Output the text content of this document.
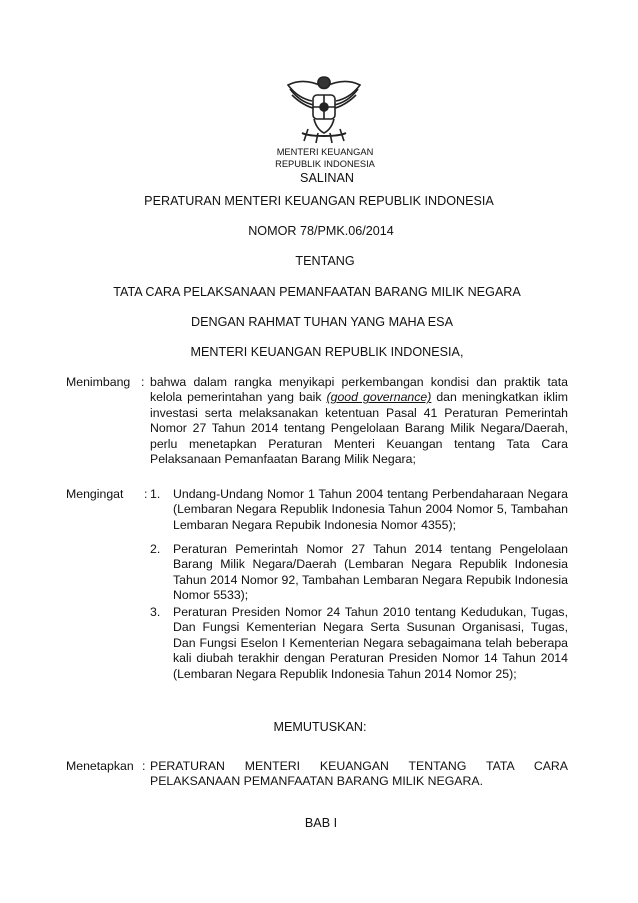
MENTERI KEUANGAN
REPUBLIK INDONESIA
SALINAN
PERATURAN MENTERI KEUANGAN REPUBLIK INDONESIA
NOMOR 78/PMK.06/2014
TENTANG
TATA CARA PELAKSANAAN PEMANFAATAN BARANG MILIK NEGARA
DENGAN RAHMAT TUHAN YANG MAHA ESA
MENTERI KEUANGAN REPUBLIK INDONESIA,
Menimbang : bahwa dalam rangka menyikapi perkembangan kondisi dan praktik tata kelola pemerintahan yang baik (good governance) dan meningkatkan iklim investasi serta melaksanakan ketentuan Pasal 41 Peraturan Pemerintah Nomor 27 Tahun 2014 tentang Pengelolaan Barang Milik Negara/Daerah, perlu menetapkan Peraturan Menteri Keuangan tentang Tata Cara Pelaksanaan Pemanfaatan Barang Milik Negara;
Mengingat	: 1.	Undang-Undang Nomor 1 Tahun 2004 tentang Perbendaharaan Negara (Lembaran Negara Republik Indonesia Tahun 2004 Nomor 5, Tambahan Lembaran Negara Repubik Indonesia Nomor 4355);
2.	Peraturan Pemerintah Nomor 27 Tahun 2014 tentang Pengelolaan Barang Milik Negara/Daerah (Lembaran Negara Republik Indonesia Tahun 2014 Nomor 92, Tambahan Lembaran Negara Repubik Indonesia Nomor 5533);
3.	Peraturan Presiden Nomor 24 Tahun 2010 tentang Kedudukan, Tugas, Dan Fungsi Kementerian Negara Serta Susunan Organisasi, Tugas, Dan Fungsi Eselon I Kementerian Negara sebagaimana telah beberapa kali diubah terakhir dengan Peraturan Presiden Nomor 14 Tahun 2014 (Lembaran Negara Republik Indonesia Tahun 2014 Nomor 25);
MEMUTUSKAN:
Menetapkan : PERATURAN MENTERI KEUANGAN TENTANG TATA CARA PELAKSANAAN PEMANFAATAN BARANG MILIK NEGARA.
BAB I
